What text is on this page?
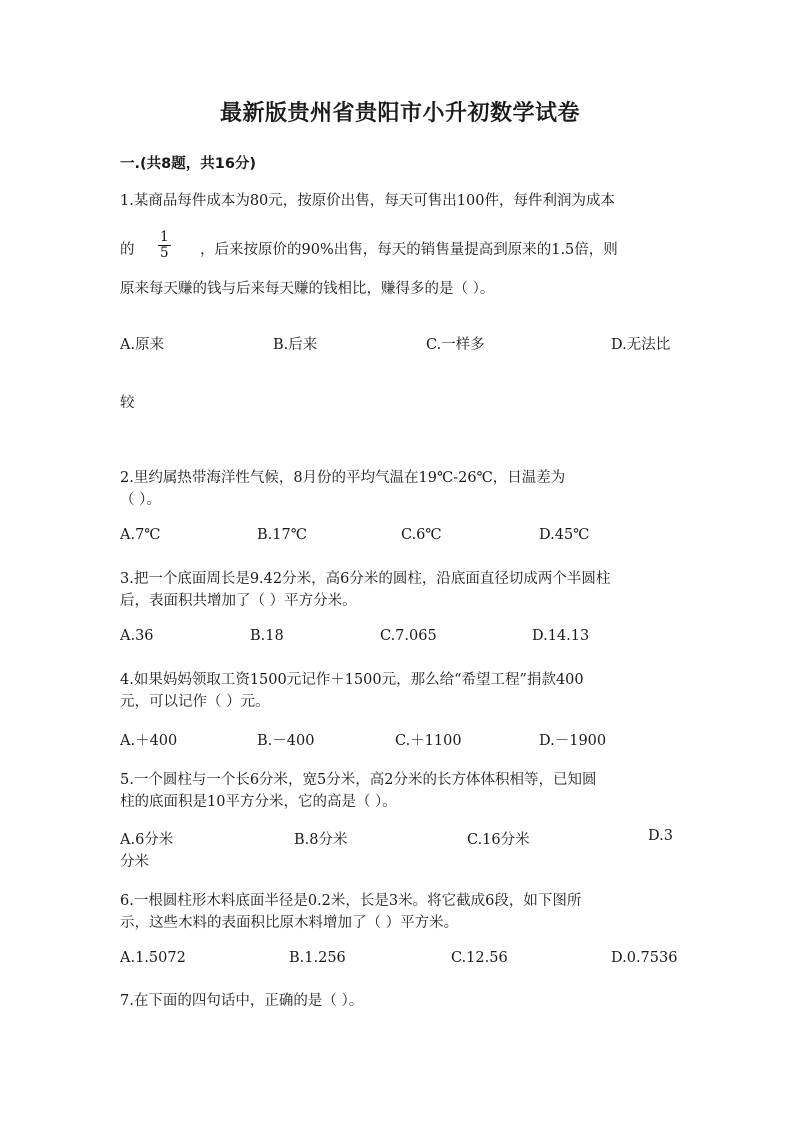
最新版贵州省贵阳市小升初数学试卷
一.(共8题，共16分)
1.某商品每件成本为80元，按原价出售，每天可售出100件，每件利润为成本
的 $\frac{1}{5}$ ，后来按原价的90%出售，每天的销售量提高到原来的1.5倍，则
原来每天赚的钱与后来每天赚的钱相比，赚得多的是（ ）。
A.原来	B.后来	C.一样多	D.无法比
较
2.里约属热带海洋性气候，8月份的平均气温在19℃-26℃，日温差为
（ ）。
A.7℃	B.17℃	C.6℃	D.45℃
3.把一个底面周长是9.42分米，高6分米的圆柱，沿底面直径切成两个半圆柱
后，表面积共增加了（ ）平方分米。
A.36	B.18	C.7.065	D.14.13
4.如果妈妈领取工资1500元记作＋1500元，那么给“希望工程”捐款400
元，可以记作（ ）元。
A.＋400	B.－400	C.＋1100	D.－1900
5.一个圆柱与一个长6分米，宽5分米，高2分米的长方体体积相等，已知圆
柱的底面积是10平方分米，它的高是（ ）。
A.6分米	B.8分米	C.16分米	D.3
分米
6.一根圆柱形木料底面半径是0.2米，长是3米。将它截成6段，如下图所
示，这些木料的表面积比原木料增加了（ ）平方米。
A.1.5072	B.1.256	C.12.56	D.0.7536
7.在下面的四句话中，正确的是（ ）。
